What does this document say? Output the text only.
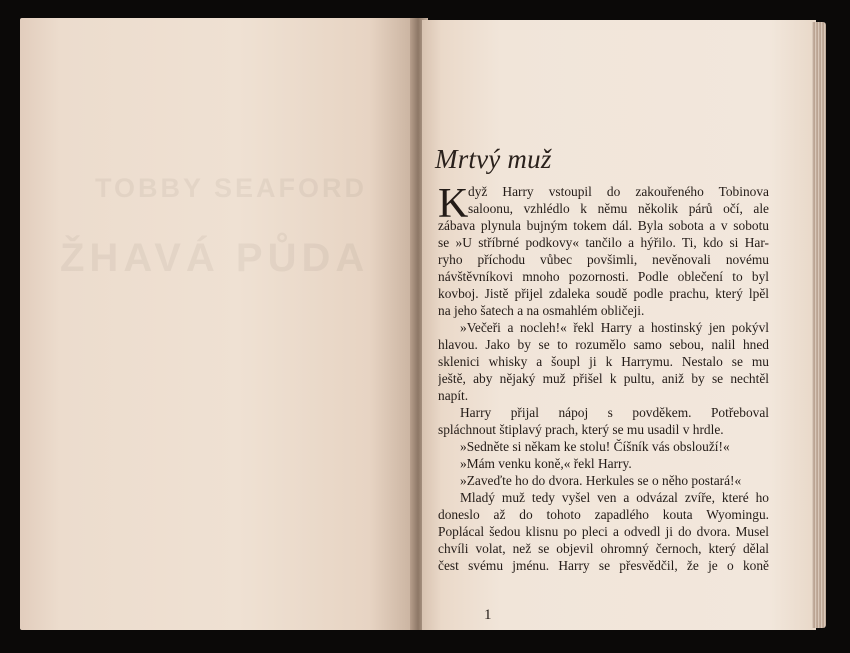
TOBBY SEAFORD
ŽHAVÁ PŮDA
Mrtvý muž
K dyž Harry vstoupil do zakouřeného Tobinova
saloonu, vzhlédlo k němu několik párů očí, ale
zábava plynula bujným tokem dál. Byla sobota a v sobotu
se »U stříbrné podkovy« tančilo a hýřilo. Ti, kdo si Har-
ryho příchodu vůbec povšimli, nevěnovali novému
návštěvníkovi mnoho pozornosti. Podle oblečení to byl
kovboj. Jistě přijel zdaleka soudě podle prachu, který lpěl
na jeho šatech a na osmahlém obličeji.
»Večeři a nocleh!« řekl Harry a hostinský jen pokývl
hlavou. Jako by se to rozumělo samo sebou, nalil hned
sklenici whisky a šoupl ji k Harrymu. Nestalo se mu
ještě, aby nějaký muž přišel k pultu, aniž by se nechtěl
napít.
Harry přijal nápoj s povděkem. Potřeboval
spláchnout štiplavý prach, který se mu usadil v hrdle.
»Sedněte si někam ke stolu! Číšník vás obslouží!«
»Mám venku koně,« řekl Harry.
»Zaveďte ho do dvora. Herkules se o něho postará!«
Mladý muž tedy vyšel ven a odvázal zvíře, které ho
doneslo až do tohoto zapadlého kouta Wyomingu.
Poplácal šedou klisnu po pleci a odvedl ji do dvora. Musel
chvíli volat, než se objevil ohromný černoch, který dělal
čest svému jménu. Harry se přesvědčil, že je o koně
1
